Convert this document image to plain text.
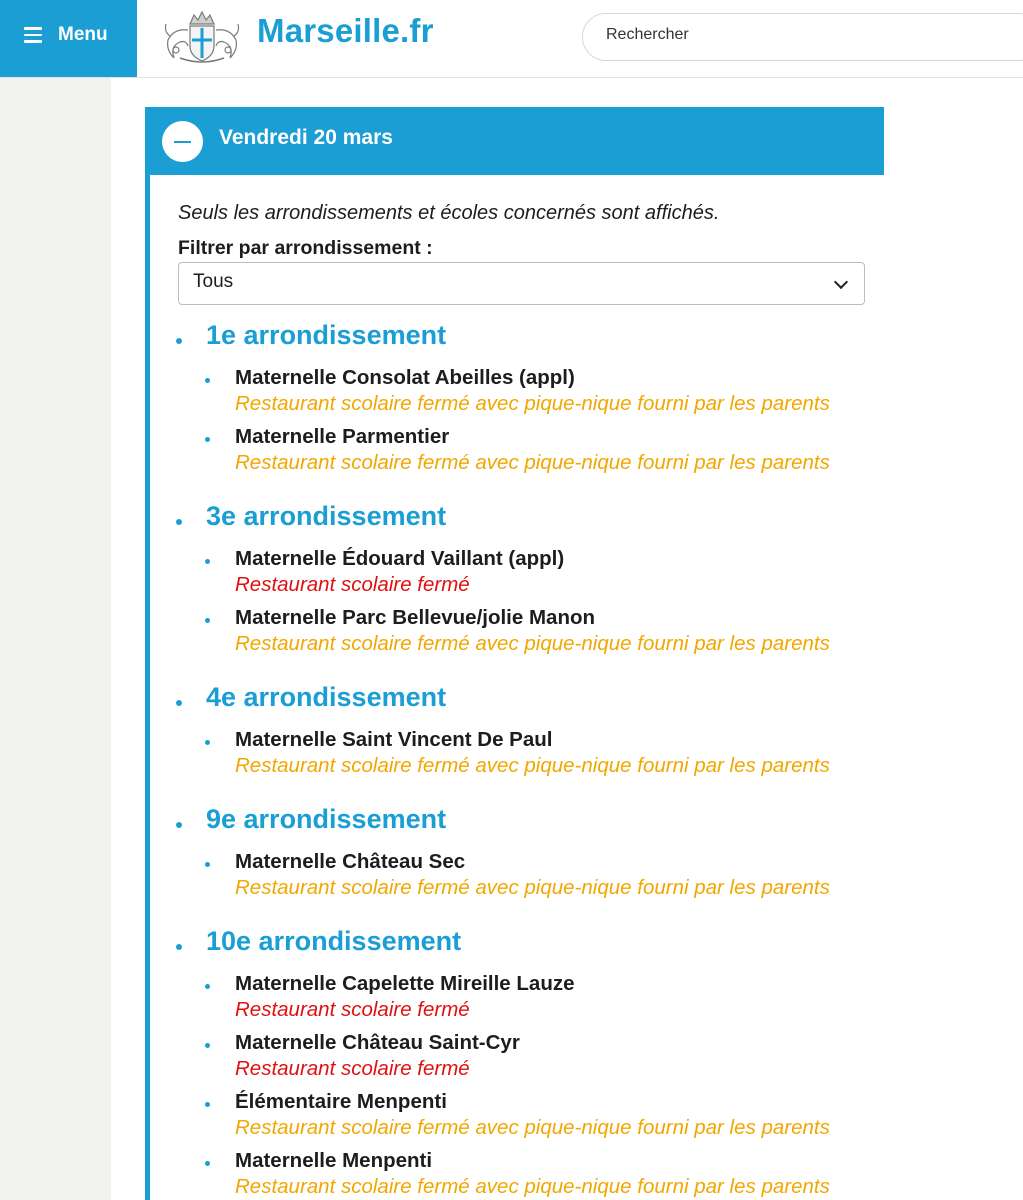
Menu	Marseille.fr
Rechercher
Vendredi 20 mars
Seuls les arrondissements et écoles concernés sont affichés.
Filtrer par arrondissement :
Tous
1e arrondissement
Maternelle Consolat Abeilles (appl)
Restaurant scolaire fermé avec pique-nique fourni par les parents
Maternelle Parmentier
Restaurant scolaire fermé avec pique-nique fourni par les parents
3e arrondissement
Maternelle Édouard Vaillant (appl)
Restaurant scolaire fermé
Maternelle Parc Bellevue/jolie Manon
Restaurant scolaire fermé avec pique-nique fourni par les parents
4e arrondissement
Maternelle Saint Vincent De Paul
Restaurant scolaire fermé avec pique-nique fourni par les parents
9e arrondissement
Maternelle Château Sec
Restaurant scolaire fermé avec pique-nique fourni par les parents
10e arrondissement
Maternelle Capelette Mireille Lauze
Restaurant scolaire fermé
Maternelle Château Saint-Cyr
Restaurant scolaire fermé
Élémentaire Menpenti
Restaurant scolaire fermé avec pique-nique fourni par les parents
Maternelle Menpenti
Restaurant scolaire fermé avec pique-nique fourni par les parents
